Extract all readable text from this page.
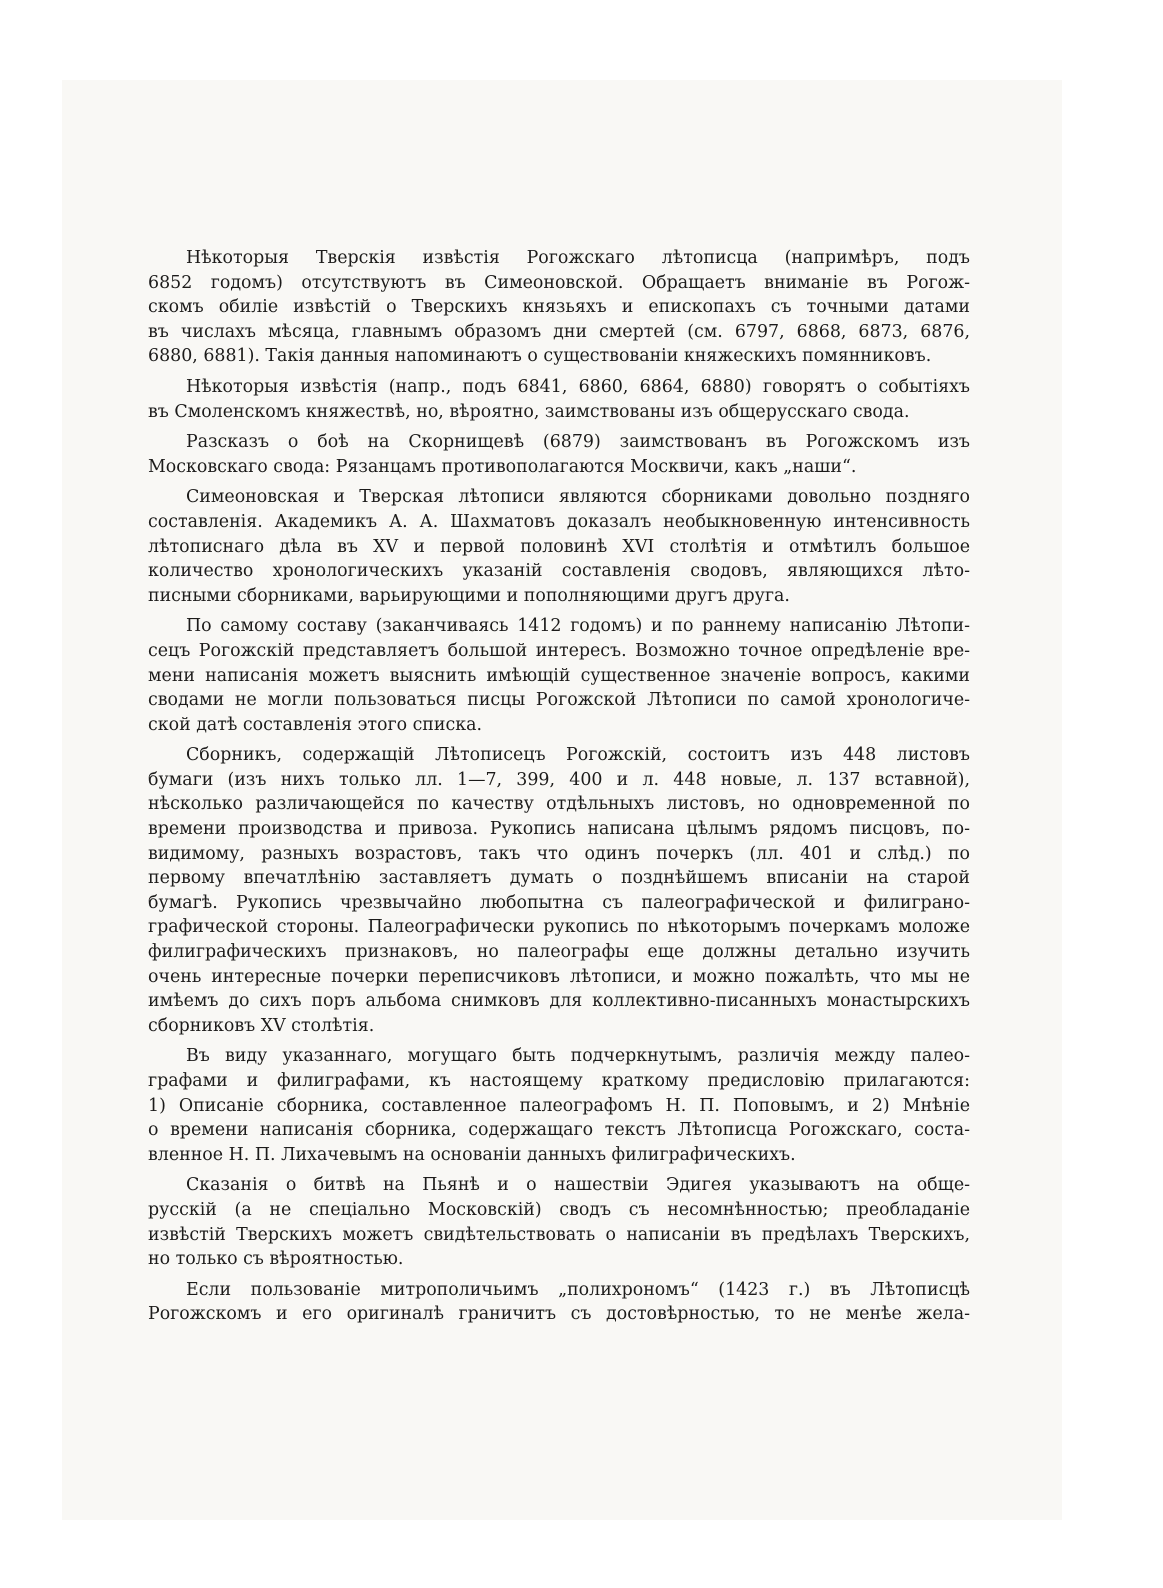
Нѣкоторыя Тверскія извѣстія Рогожскаго лѣтописца (напримѣръ, подъ
6852 годомъ) отсутствуютъ въ Симеоновской. Обращаетъ вниманіе въ Рогож-
скомъ обиліе извѣстій о Тверскихъ князьяхъ и епископахъ съ точными датами
въ числахъ мѣсяца, главнымъ образомъ дни смертей (см. 6797, 6868, 6873, 6876,
6880, 6881). Такія данныя напоминаютъ о существованіи княжескихъ помянниковъ.
Нѣкоторыя извѣстія (напр., подъ 6841, 6860, 6864, 6880) говорятъ о событіяхъ
въ Смоленскомъ княжествѣ, но, вѣроятно, заимствованы изъ общерусскаго свода.
Разсказъ о боѣ на Скорнищевѣ (6879) заимствованъ въ Рогожскомъ изъ
Московскаго свода: Рязанцамъ противополагаются Москвичи, какъ „наши“.
Симеоновская и Тверская лѣтописи являются сборниками довольно поздняго
составленія. Академикъ А. А. Шахматовъ доказалъ необыкновенную интенсивность
лѣтописнаго дѣла въ XV и первой половинѣ XVI столѣтія и отмѣтилъ большое
количество хронологическихъ указаній составленія сводовъ, являющихся лѣто-
писными сборниками, варьирующими и пополняющими другъ друга.
По самому составу (заканчиваясь 1412 годомъ) и по раннему написанію Лѣтопи-
сецъ Рогожскій представляетъ большой интересъ. Возможно точное опредѣленіе вре-
мени написанія можетъ выяснить имѣющій существенное значеніе вопросъ, какими
сводами не могли пользоваться писцы Рогожской Лѣтописи по самой хронологиче-
ской датѣ составленія этого списка.
Сборникъ, содержащій Лѣтописецъ Рогожскій, состоитъ изъ 448 листовъ
бумаги (изъ нихъ только лл. 1—7, 399, 400 и л. 448 новые, л. 137 вставной),
нѣсколько различающейся по качеству отдѣльныхъ листовъ, но одновременной по
времени производства и привоза. Рукопись написана цѣлымъ рядомъ писцовъ, по-
видимому, разныхъ возрастовъ, такъ что одинъ почеркъ (лл. 401 и слѣд.) по
первому впечатлѣнію заставляетъ думать о позднѣйшемъ вписаніи на старой
бумагѣ. Рукопись чрезвычайно любопытна съ палеографической и филиграно-
графической стороны. Палеографически рукопись по нѣкоторымъ почеркамъ моложе
филиграфическихъ признаковъ, но палеографы еще должны детально изучить
очень интересные почерки переписчиковъ лѣтописи, и можно пожалѣть, что мы не
имѣемъ до сихъ поръ альбома снимковъ для коллективно-писанныхъ монастырскихъ
сборниковъ XV столѣтія.
Въ виду указаннаго, могущаго быть подчеркнутымъ, различія между палео-
графами и филиграфами, къ настоящему краткому предисловію прилагаются:
1) Описаніе сборника, составленное палеографомъ Н. П. Поповымъ, и 2) Мнѣніе
о времени написанія сборника, содержащаго текстъ Лѣтописца Рогожскаго, соста-
вленное Н. П. Лихачевымъ на основаніи данныхъ филиграфическихъ.
Сказанія о битвѣ на Пьянѣ и о нашествіи Эдигея указываютъ на обще-
русскій (а не спеціально Московскій) сводъ съ несомнѣнностью; преобладаніе
извѣстій Тверскихъ можетъ свидѣтельствовать о написаніи въ предѣлахъ Тверскихъ,
но только съ вѣроятностью.
Если пользованіе митрополичьимъ „полихрономъ“ (1423 г.) въ Лѣтописцѣ
Рогожскомъ и его оригиналѣ граничитъ съ достовѣрностью, то не менѣе жела-
